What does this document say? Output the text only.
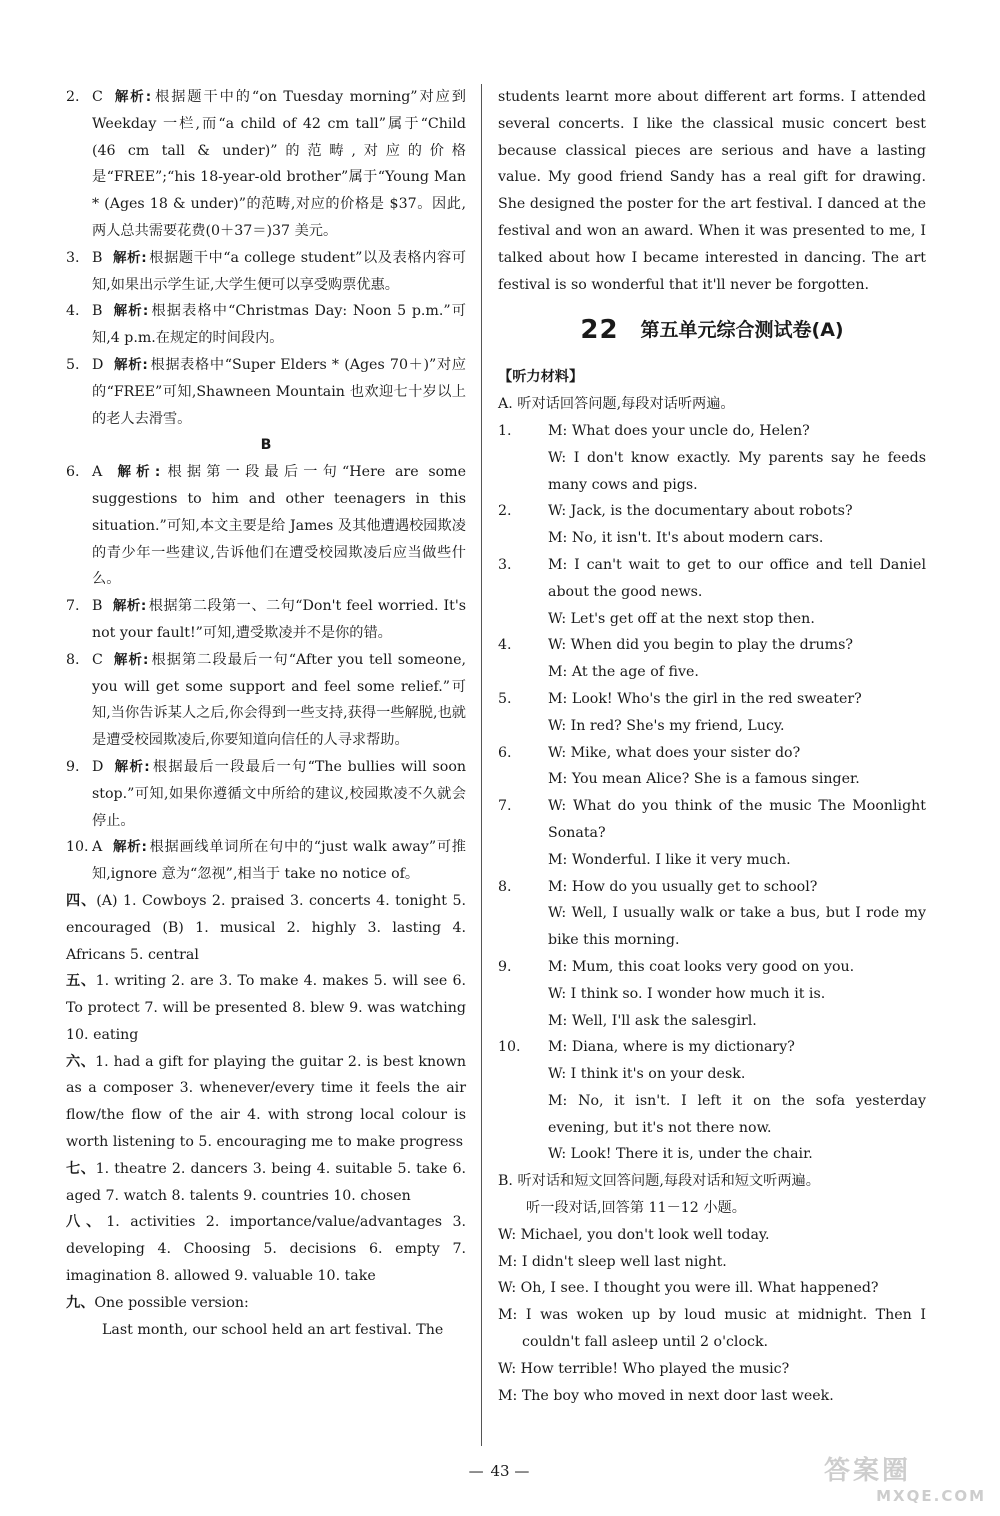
2. C 解析: 根据题干中的“on Tuesday morning”对应到 Weekday 一栏,而“a child of 42 cm tall”属于“Child (46 cm tall & under)”的范畴,对应的价格是“FREE”;“his 18-year-old brother”属于“Young Man * (Ages 18 & under)”的范畴,对应的价格是 $37。因此,两人总共需要花费(0＋37＝)37 美元。
3. B 解析: 根据题干中“a college student”以及表格内容可知,如果出示学生证,大学生便可以享受购票优惠。
4. B 解析: 根据表格中“Christmas Day: Noon 5 p.m.”可知,4 p.m.在规定的时间段内。
5. D 解析: 根据表格中“Super Elders * (Ages 70＋)”对应的“FREE”可知,Shawneen Mountain 也欢迎七十岁以上的老人去滑雪。
B
6. A 解析: 根据第一段最后一句“Here are some suggestions to him and other teenagers in this situation.”可知,本文主要是给 James 及其他遭遇校园欺凌的青少年一些建议,告诉他们在遭受校园欺凌后应当做些什么。
7. B 解析: 根据第二段第一、二句“Don't feel worried. It's not your fault!”可知,遭受欺凌并不是你的错。
8. C 解析: 根据第二段最后一句“After you tell someone, you will get some support and feel some relief.”可知,当你告诉某人之后,你会得到一些支持,获得一些解脱,也就是遭受校园欺凌后,你要知道向信任的人寻求帮助。
9. D 解析: 根据最后一段最后一句“The bullies will soon stop.”可知,如果你遵循文中所给的建议,校园欺凌不久就会停止。
10. A 解析: 根据画线单词所在句中的“just walk away”可推知,ignore 意为“忽视”,相当于 take no notice of。
四、(A) 1. Cowboys 2. praised 3. concerts 4. tonight 5. encouraged (B) 1. musical 2. highly 3. lasting 4. Africans 5. central
五、1. writing 2. are 3. To make 4. makes 5. will see 6. To protect 7. will be presented 8. blew 9. was watching 10. eating
六、1. had a gift for playing the guitar 2. is best known as a composer 3. whenever/every time it feels the air flow/the flow of the air 4. with strong local colour is worth listening to 5. encouraging me to make progress
七、1. theatre 2. dancers 3. being 4. suitable 5. take 6. aged 7. watch 8. talents 9. countries 10. chosen
八、1. activities 2. importance/value/advantages 3. developing 4. Choosing 5. decisions 6. empty 7. imagination 8. allowed 9. valuable 10. take
九、One possible version:
Last month, our school held an art festival. The
students learnt more about different art forms. I attended several concerts. I like the classical music concert best because classical pieces are serious and have a lasting value. My good friend Sandy has a real gift for drawing. She designed the poster for the art festival. I danced at the festival and won an award. When it was presented to me, I talked about how I became interested in dancing. The art festival is so wonderful that it'll never be forgotten.
22 第五单元综合测试卷(A)
【听力材料】
A. 听对话回答问题,每段对话听两遍。
1.	M: What does your uncle do, Helen?
W: I don't know exactly. My parents say he feeds many cows and pigs.
2.	W: Jack, is the documentary about robots?
M: No, it isn't. It's about modern cars.
3.	M: I can't wait to get to our office and tell Daniel about the good news.
W: Let's get off at the next stop then.
4.	W: When did you begin to play the drums?
M: At the age of five.
5.	M: Look! Who's the girl in the red sweater?
W: In red? She's my friend, Lucy.
6.	W: Mike, what does your sister do?
M: You mean Alice? She is a famous singer.
7.	W: What do you think of the music The Moonlight Sonata?
M: Wonderful. I like it very much.
8.	M: How do you usually get to school?
W: Well, I usually walk or take a bus, but I rode my bike this morning.
9.	M: Mum, this coat looks very good on you.
W: I think so. I wonder how much it is.
M: Well, I'll ask the salesgirl.
10.	M: Diana, where is my dictionary?
W: I think it's on your desk.
M: No, it isn't. I left it on the sofa yesterday evening, but it's not there now.
W: Look! There it is, under the chair.
B. 听对话和短文回答问题,每段对话和短文听两遍。
听一段对话,回答第 11－12 小题。
W: Michael, you don't look well today.
M: I didn't sleep well last night.
W: Oh, I see. I thought you were ill. What happened?
M: I was woken up by loud music at midnight. Then I couldn't fall asleep until 2 o'clock.
W: How terrible! Who played the music?
M: The boy who moved in next door last week.
— 43 —	答案圈
MXQE.COM
